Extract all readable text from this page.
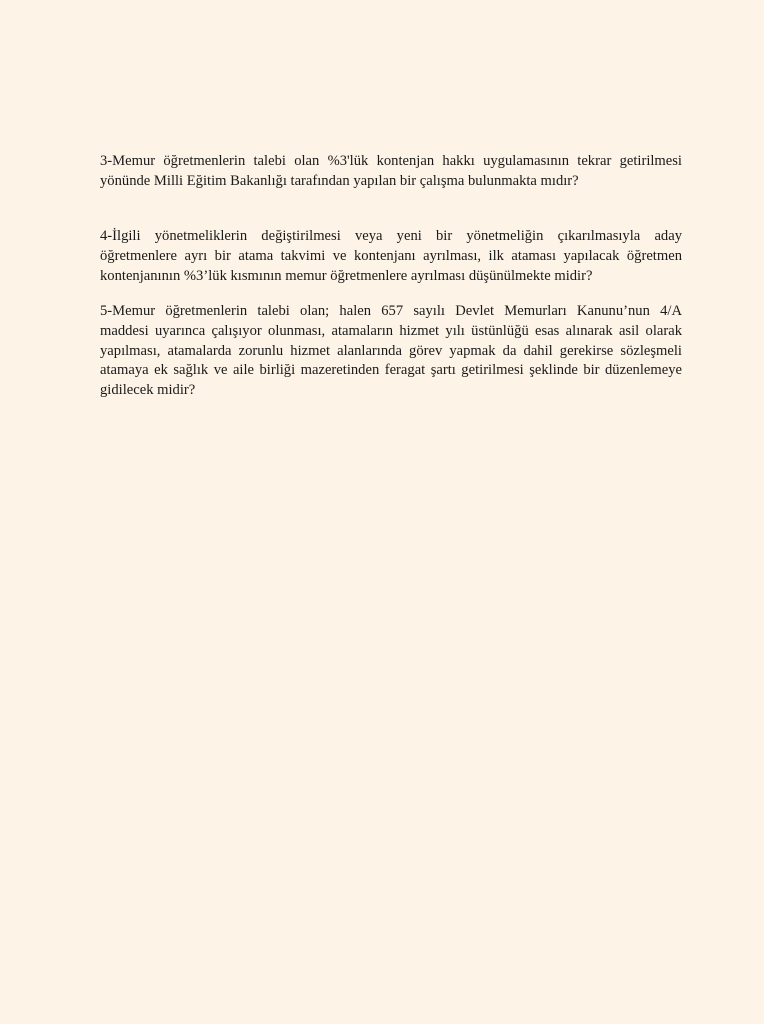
3-Memur öğretmenlerin talebi olan %3'lük kontenjan hakkı uygulamasının tekrar getirilmesi
yönünde Milli Eğitim Bakanlığı tarafından yapılan bir çalışma bulunmakta mıdır?

4-İlgili yönetmeliklerin değiştirilmesi veya yeni bir yönetmeliğin çıkarılmasıyla aday
öğretmenlere ayrı bir atama takvimi ve kontenjanı ayrılması, ilk ataması yapılacak öğretmen
kontenjanının %3’lük kısmının memur öğretmenlere ayrılması düşünülmekte midir?

5-Memur öğretmenlerin talebi olan; halen 657 sayılı Devlet Memurları Kanunu’nun 4/A
maddesi uyarınca çalışıyor olunması, atamaların hizmet yılı üstünlüğü esas alınarak asil olarak
yapılması, atamalarda zorunlu hizmet alanlarında görev yapmak da dahil gerekirse sözleşmeli
atamaya ek sağlık ve aile birliği mazeretinden feragat şartı getirilmesi şeklinde bir düzenlemeye
gidilecek midir?
